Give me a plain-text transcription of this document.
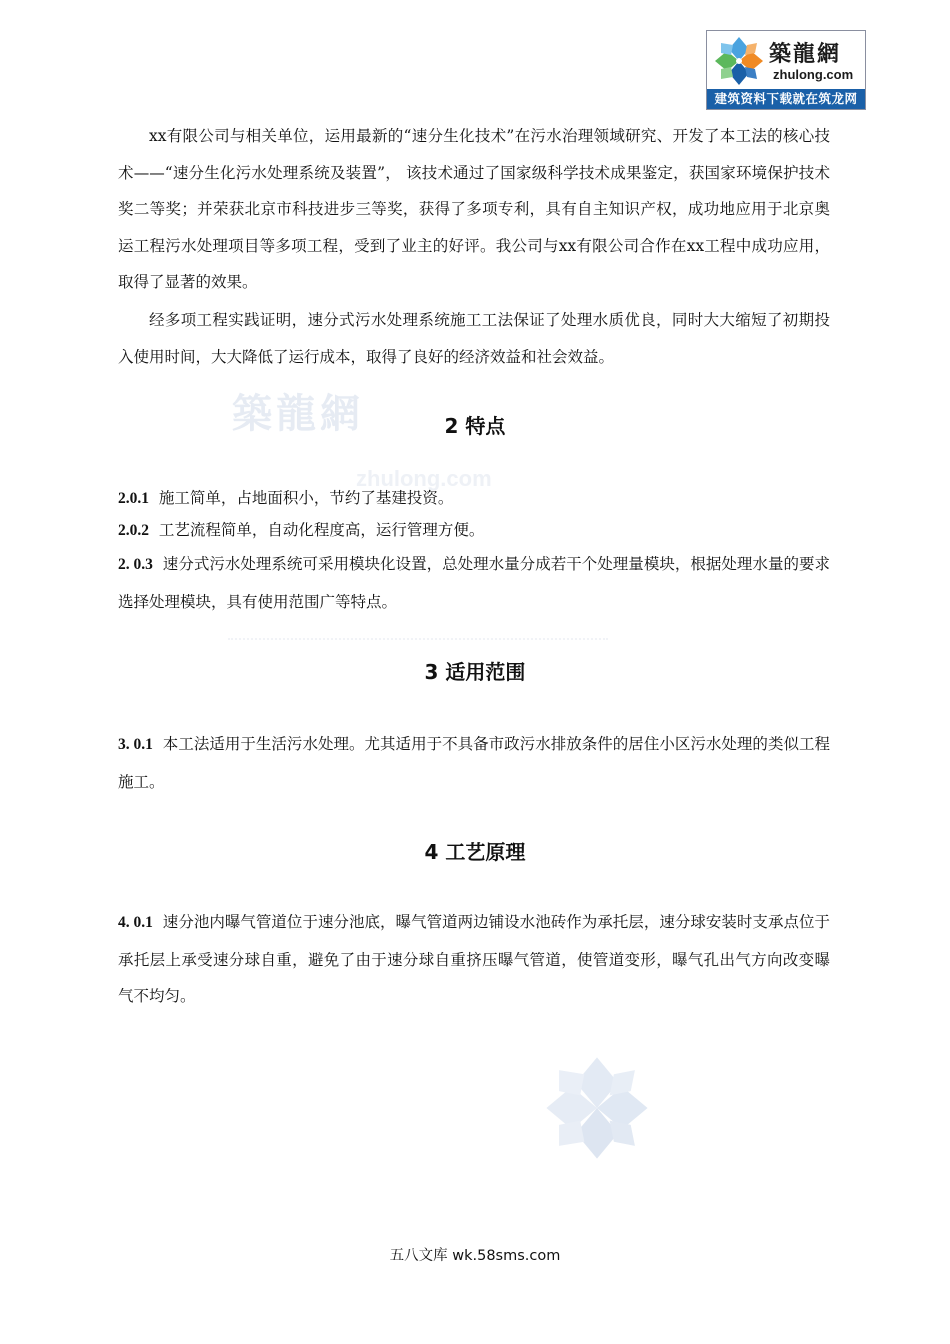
築龍網
zhulong.com
建筑资料下载就在筑龙网
築龍網
zhulong.com

xx有限公司与相关单位，运用最新的“速分生化技术”在污水治理领域研究、开发了本工法的核心技术——“速分生化污水处理系统及装置”， 该技术通过了国家级科学技术成果鉴定，获国家环境保护技术奖二等奖；并荣获北京市科技进步三等奖，获得了多项专利，具有自主知识产权，成功地应用于北京奥运工程污水处理项目等多项工程，受到了业主的好评。我公司与xx有限公司合作在xx工程中成功应用，取得了显著的效果。

经多项工程实践证明，速分式污水处理系统施工工法保证了处理水质优良，同时大大缩短了初期投入使用时间，大大降低了运行成本，取得了良好的经济效益和社会效益。

2 特点

2.0.1 施工简单，占地面积小，节约了基建投资。

2.0.2 工艺流程简单，自动化程度高，运行管理方便。

2. 0.3 速分式污水处理系统可采用模块化设置，总处理水量分成若干个处理量模块，根据处理水量的要求选择处理模块，具有使用范围广等特点。

3 适用范围

3. 0.1 本工法适用于生活污水处理。尤其适用于不具备市政污水排放条件的居住小区污水处理的类似工程施工。

4 工艺原理

4. 0.1 速分池内曝气管道位于速分池底，曝气管道两边铺设水池砖作为承托层，速分球安装时支承点位于承托层上承受速分球自重，避免了由于速分球自重挤压曝气管道，使管道变形，曝气孔出气方向改变曝气不均匀。

五八文库 wk.58sms.com
